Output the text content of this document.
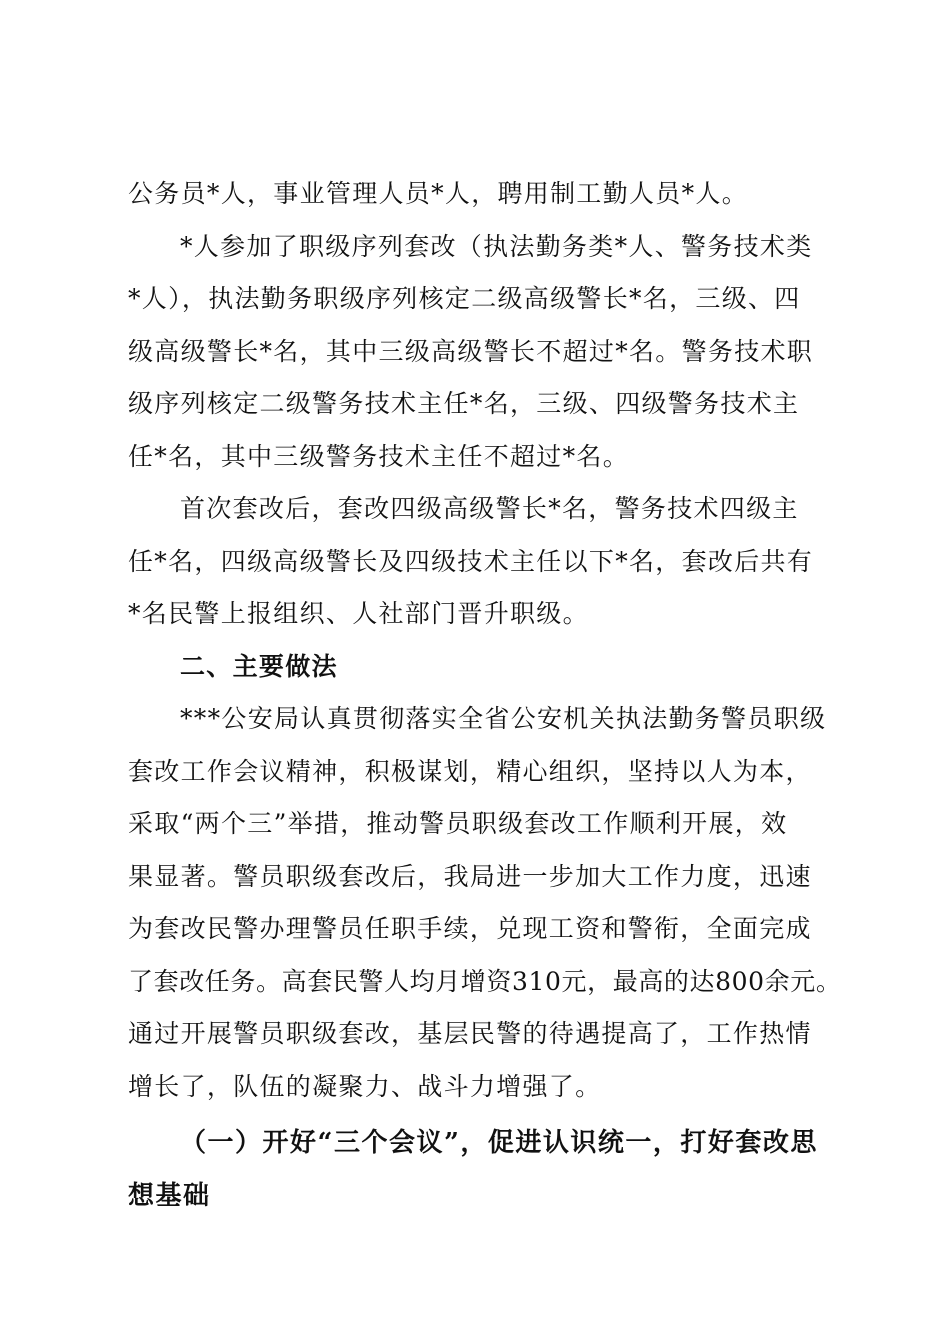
公务员*人，事业管理人员*人，聘用制工勤人员*人。
*人参加了职级序列套改（执法勤务类*人、警务技术类
*人），执法勤务职级序列核定二级高级警长*名，三级、四
级高级警长*名，其中三级高级警长不超过*名。警务技术职
级序列核定二级警务技术主任*名，三级、四级警务技术主
任*名，其中三级警务技术主任不超过*名。
首次套改后，套改四级高级警长*名，警务技术四级主
任*名，四级高级警长及四级技术主任以下*名，套改后共有
*名民警上报组织、人社部门晋升职级。
二、主要做法
***公安局认真贯彻落实全省公安机关执法勤务警员职级
套改工作会议精神，积极谋划，精心组织，坚持以人为本，
采取“两个三”举措，推动警员职级套改工作顺利开展，效
果显著。警员职级套改后，我局进一步加大工作力度，迅速
为套改民警办理警员任职手续，兑现工资和警衔，全面完成
了套改任务。高套民警人均月增资310元，最高的达800余元。
通过开展警员职级套改，基层民警的待遇提高了，工作热情
增长了，队伍的凝聚力、战斗力增强了。
（一）开好“三个会议”，促进认识统一，打好套改思
想基础
